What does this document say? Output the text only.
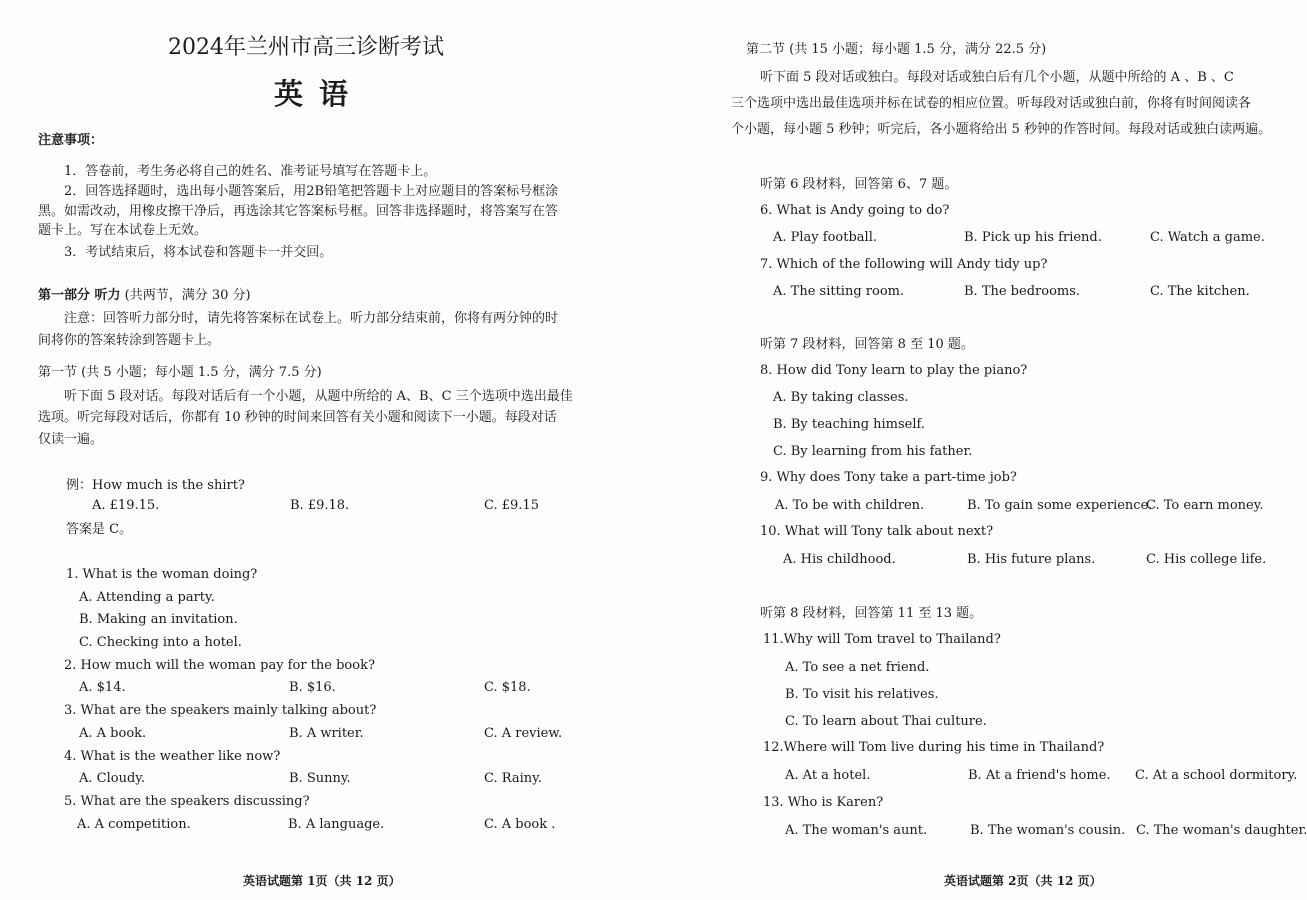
2024年兰州市高三诊断考试
英语
注意事项：
1．答卷前，考生务必将自己的姓名、准考证号填写在答题卡上。
2．回答选择题时，选出每小题答案后，用2B铅笔把答题卡上对应题目的答案标号框涂
黑。如需改动，用橡皮擦干净后，再选涂其它答案标号框。回答非选择题时，将答案写在答
题卡上。写在本试卷上无效。
3．考试结束后，将本试卷和答题卡一并交回。
第一部分 听力 (共两节，满分 30 分)
注意：回答听力部分时，请先将答案标在试卷上。听力部分结束前，你将有两分钟的时
间将你的答案转涂到答题卡上。
第一节 (共 5 小题；每小题 1.5 分，满分 7.5 分)
听下面 5 段对话。每段对话后有一个小题，从题中所给的 A、B、C 三个选项中选出最佳
选项。听完每段对话后，你都有 10 秒钟的时间来回答有关小题和阅读下一小题。每段对话
仅读一遍。
例：How much is the shirt?
A. £19.15.	B. £9.18.	C. £9.15
答案是 C。
1. What is the woman doing?
A. Attending a party.
B. Making an invitation.
C. Checking into a hotel.
2. How much will the woman pay for the book?
A. $14.	B. $16.	C. $18.
3. What are the speakers mainly talking about?
A. A book.	B. A writer.	C. A review.
4. What is the weather like now?
A. Cloudy.	B. Sunny.	C. Rainy.
5. What are the speakers discussing?
A. A competition.	B. A language.	C. A book .
英语试题第 1页（共 12 页）
第二节 (共 15 小题；每小题 1.5 分，满分 22.5 分)
听下面 5 段对话或独白。每段对话或独白后有几个小题，从题中所给的 A 、B 、C
三个选项中选出最佳选项并标在试卷的相应位置。听每段对话或独白前，你将有时间阅读各
个小题，每小题 5 秒钟；听完后，各小题将给出 5 秒钟的作答时间。每段对话或独白读两遍。
听第 6 段材料，回答第 6、7 题。
6. What is Andy going to do?
A. Play football.	B. Pick up his friend.	C. Watch a game.
7. Which of the following will Andy tidy up?
A. The sitting room.	B. The bedrooms.	C. The kitchen.
听第 7 段材料，回答第 8 至 10 题。
8. How did Tony learn to play the piano?
A. By taking classes.
B. By teaching himself.
C. By learning from his father.
9. Why does Tony take a part-time job?
A. To be with children.	B. To gain some experience.
C. To earn money.
10. What will Tony talk about next?
A. His childhood.	B. His future plans.	C. His college life.
听第 8 段材料，回答第 11 至 13 题。
11.Why will Tom travel to Thailand?
A. To see a net friend.
B. To visit his relatives.
C. To learn about Thai culture.
12.Where will Tom live during his time in Thailand?
A. At a hotel.	B. At a friend's home. C. At a school dormitory.
13. Who is Karen?
A. The woman's aunt.	B. The woman's cousin. C. The woman's daughter.
英语试题第 2页（共 12 页）
